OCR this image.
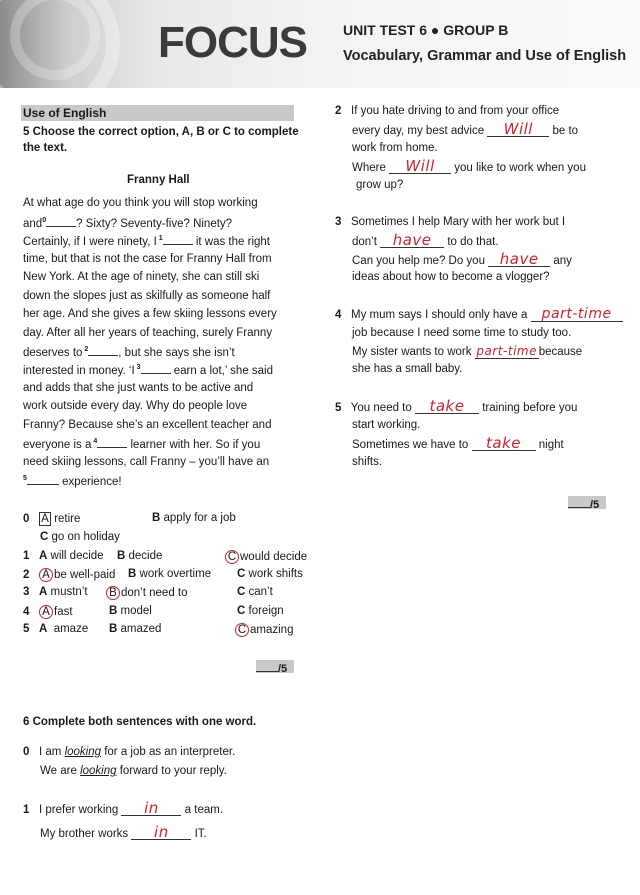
FOCUS	UNIT TEST 6 ● GROUP B
Vocabulary, Grammar and Use of English
Use of English
5 Choose the correct option, A, B or C to complete
the text.
Franny Hall
At what age do you think you will stop working
and$^0$	? Sixty? Seventy-five? Ninety?
Certainly, if I were ninety, I $^1$	it was the right
time, but that is not the case for Franny Hall from
New York. At the age of ninety, she can still ski
down the slopes just as skilfully as someone half
her age. And she gives a few skiing lessons every
day. After all her years of teaching, surely Franny
deserves to $^2$	, but she says she isn’t
interested in money. ‘I $^3$	earn a lot,’ she said
and adds that she just wants to be active and
work outside every day. Why do people love
Franny? Because she’s an excellent teacher and
everyone is a $^4$	learner with her. So if you
need skiing lessons, call Franny – you’ll have an
$^5$	experience!
0 A retire	B apply for a job
C go on holiday
1 A will decide B decide	C would decide
2 A be well-paid B work overtime C work shifts
3 A mustn’t B don’t need to	C can’t
4 A fast	B model	C foreign
5 A amaze B amazed	C amazing
/5
6 Complete both sentences with one word.
0 I am looking for a job as an interpreter.
We are looking forward to your reply.
1 I prefer working in a team.
My brother works in IT.
2 If you hate driving to and from your office
every day, my best advice Will be to
work from home.
Where Will you like to work when you
grow up?
3 Sometimes I help Mary with her work but I
don’t have to do that.
Can you help me? Do you have any
ideas about how to become a vlogger?
4 My mum says I should only have a part-time
job because I need some time to study too.
My sister wants to work part-time because
she has a small baby.
5 You need to take training before you
start working.
Sometimes we have to take night
shifts.
/5
